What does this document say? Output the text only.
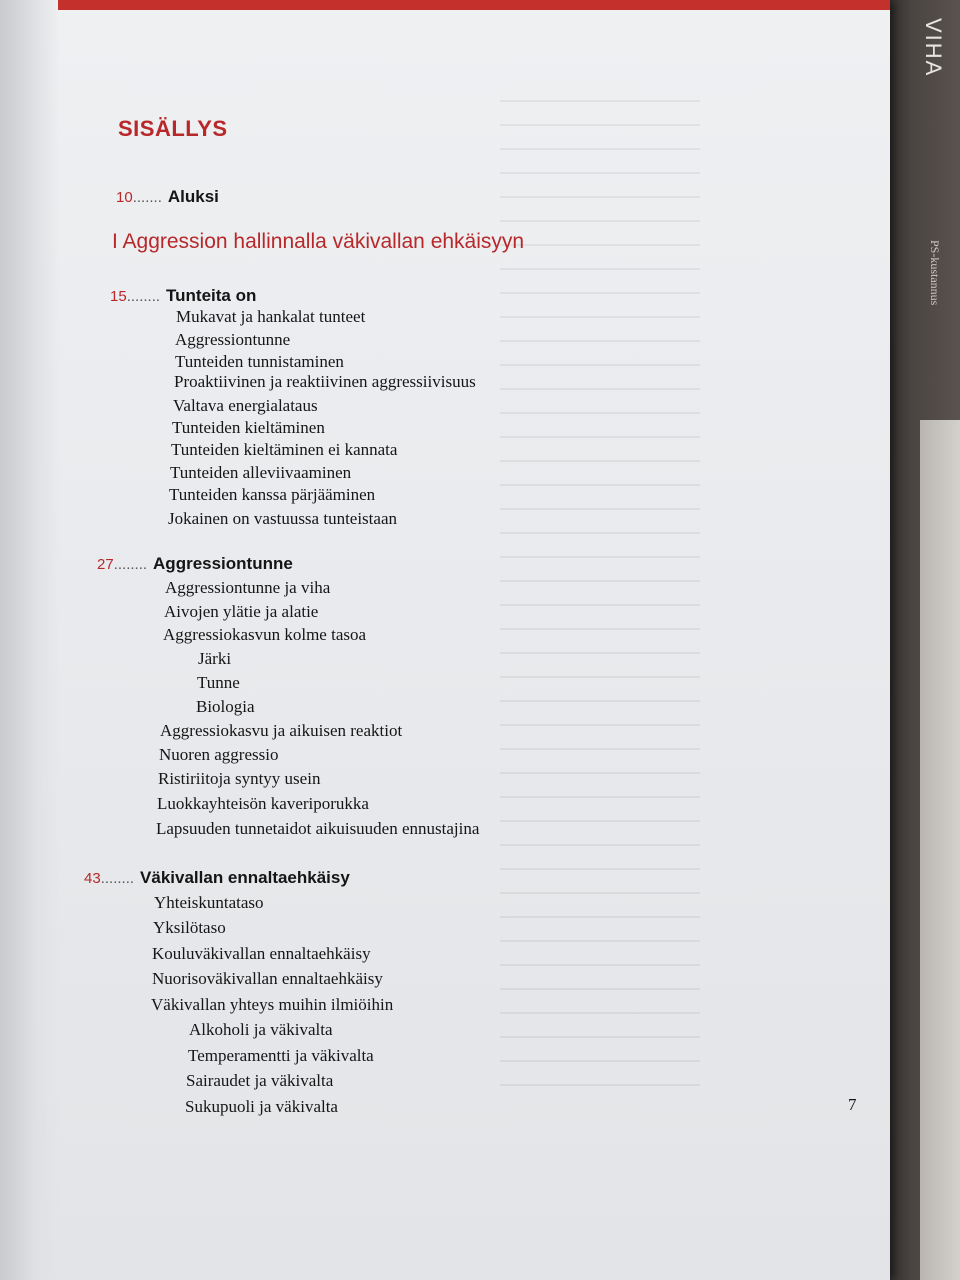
VIHA
PS-kustannus
SISÄLLYS
10 ....... Aluksi
I Aggression hallinnalla väkivallan ehkäisyyn
15 ........ Tunteita on
Mukavat ja hankalat tunteet
Aggressiontunne
Tunteiden tunnistaminen
Proaktiivinen ja reaktiivinen aggressiivisuus
Valtava energialataus
Tunteiden kieltäminen
Tunteiden kieltäminen ei kannata
Tunteiden alleviivaaminen
Tunteiden kanssa pärjääminen
Jokainen on vastuussa tunteistaan
27 ........ Aggressiontunne
Aggressiontunne ja viha
Aivojen ylätie ja alatie
Aggressiokasvun kolme tasoa
Järki
Tunne
Biologia
Aggressiokasvu ja aikuisen reaktiot
Nuoren aggressio
Ristiriitoja syntyy usein
Luokkayhteisön kaveriporukka
Lapsuuden tunnetaidot aikuisuuden ennustajina
43 ........ Väkivallan ennaltaehkäisy
Yhteiskuntataso
Yksilötaso
Kouluväkivallan ennaltaehkäisy
Nuorisoväkivallan ennaltaehkäisy
Väkivallan yhteys muihin ilmiöihin
Alkoholi ja väkivalta
Temperamentti ja väkivalta
Sairaudet ja väkivalta
Sukupuoli ja väkivalta	7
